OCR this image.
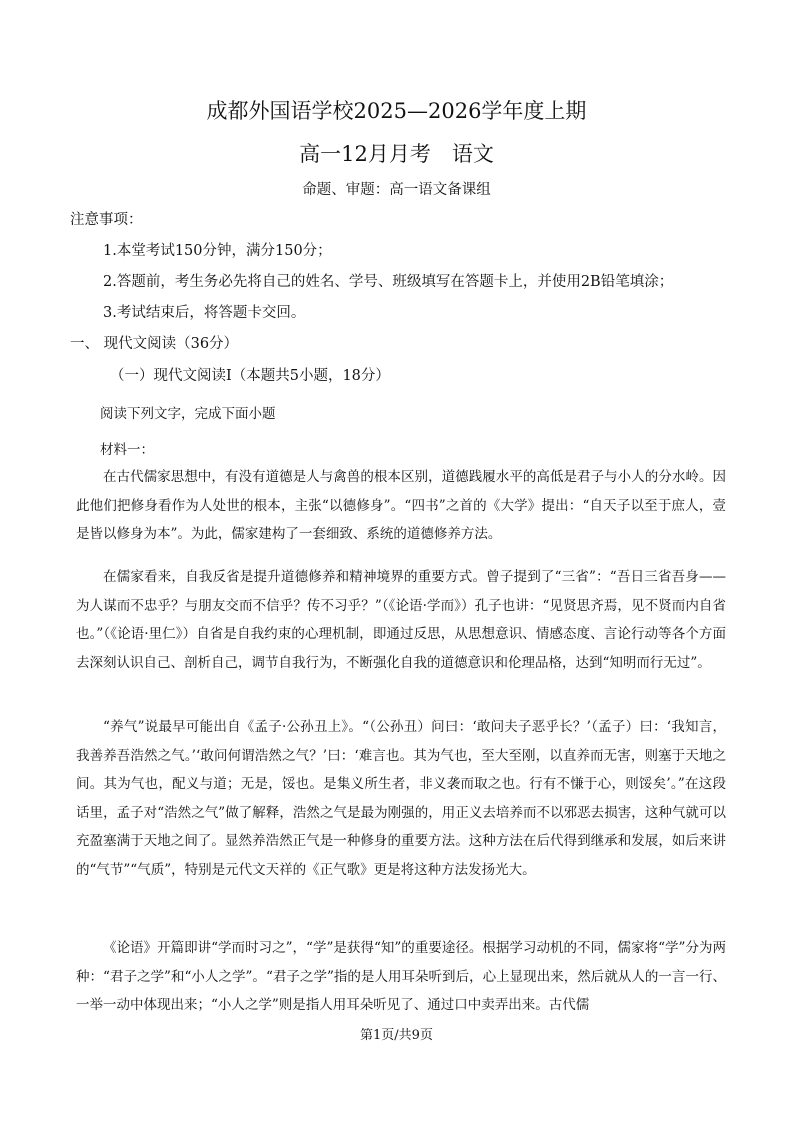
成都外国语学校2025—2026学年度上期
高一12月月考　语文
命题、审题：高一语文备课组
注意事项：
1.本堂考试150分钟，满分150分；
2.答题前，考生务必先将自己的姓名、学号、班级填写在答题卡上，并使用2B铅笔填涂；
3.考试结束后，将答题卡交回。
一、 现代文阅读（36分）
（一）现代文阅读Ⅰ（本题共5小题，18分）
阅读下列文字，完成下面小题
材料一：
在古代儒家思想中，有没有道德是人与禽兽的根本区别，道德践履水平的高低是君子与小人的分水岭。因此他们把修身看作为人处世的根本，主张“以德修身”。“四书”之首的《大学》提出：“自天子以至于庶人，壹是皆以修身为本”。为此，儒家建构了一套细致、系统的道德修养方法。
在儒家看来，自我反省是提升道德修养和精神境界的重要方式。曾子提到了“三省”：“吾日三省吾身——为人谋而不忠乎？与朋友交而不信乎？传不习乎？”（《论语·学而》）孔子也讲：“见贤思齐焉，见不贤而内自省也。”（《论语·里仁》）自省是自我约束的心理机制，即通过反思，从思想意识、情感态度、言论行动等各个方面去深刻认识自己、剖析自己，调节自我行为，不断强化自我的道德意识和伦理品格，达到“知明而行无过”。
“养气”说最早可能出自《孟子·公孙丑上》。“（公孙丑）问曰：‘敢问夫子恶乎长？’（孟子）曰：‘我知言，我善养吾浩然之气。’‘敢问何谓浩然之气？’曰：‘难言也。其为气也，至大至刚，以直养而无害，则塞于天地之间。其为气也，配义与道；无是，馁也。是集义所生者，非义袭而取之也。行有不慊于心，则馁矣’。”在这段话里，孟子对“浩然之气”做了解释，浩然之气是最为刚强的，用正义去培养而不以邪恶去损害，这种气就可以充盈塞满于天地之间了。显然养浩然正气是一种修身的重要方法。这种方法在后代得到继承和发展，如后来讲的“气节”“气质”，特别是元代文天祥的《正气歌》更是将这种方法发扬光大。
《论语》开篇即讲“学而时习之”，“学”是获得“知”的重要途径。根据学习动机的不同，儒家将“学”分为两种：“君子之学”和“小人之学”。“君子之学”指的是人用耳朵听到后，心上显现出来，然后就从人的一言一行、一举一动中体现出来；“小人之学”则是指人用耳朵听见了、通过口中卖弄出来。古代儒
第1页/共9页
